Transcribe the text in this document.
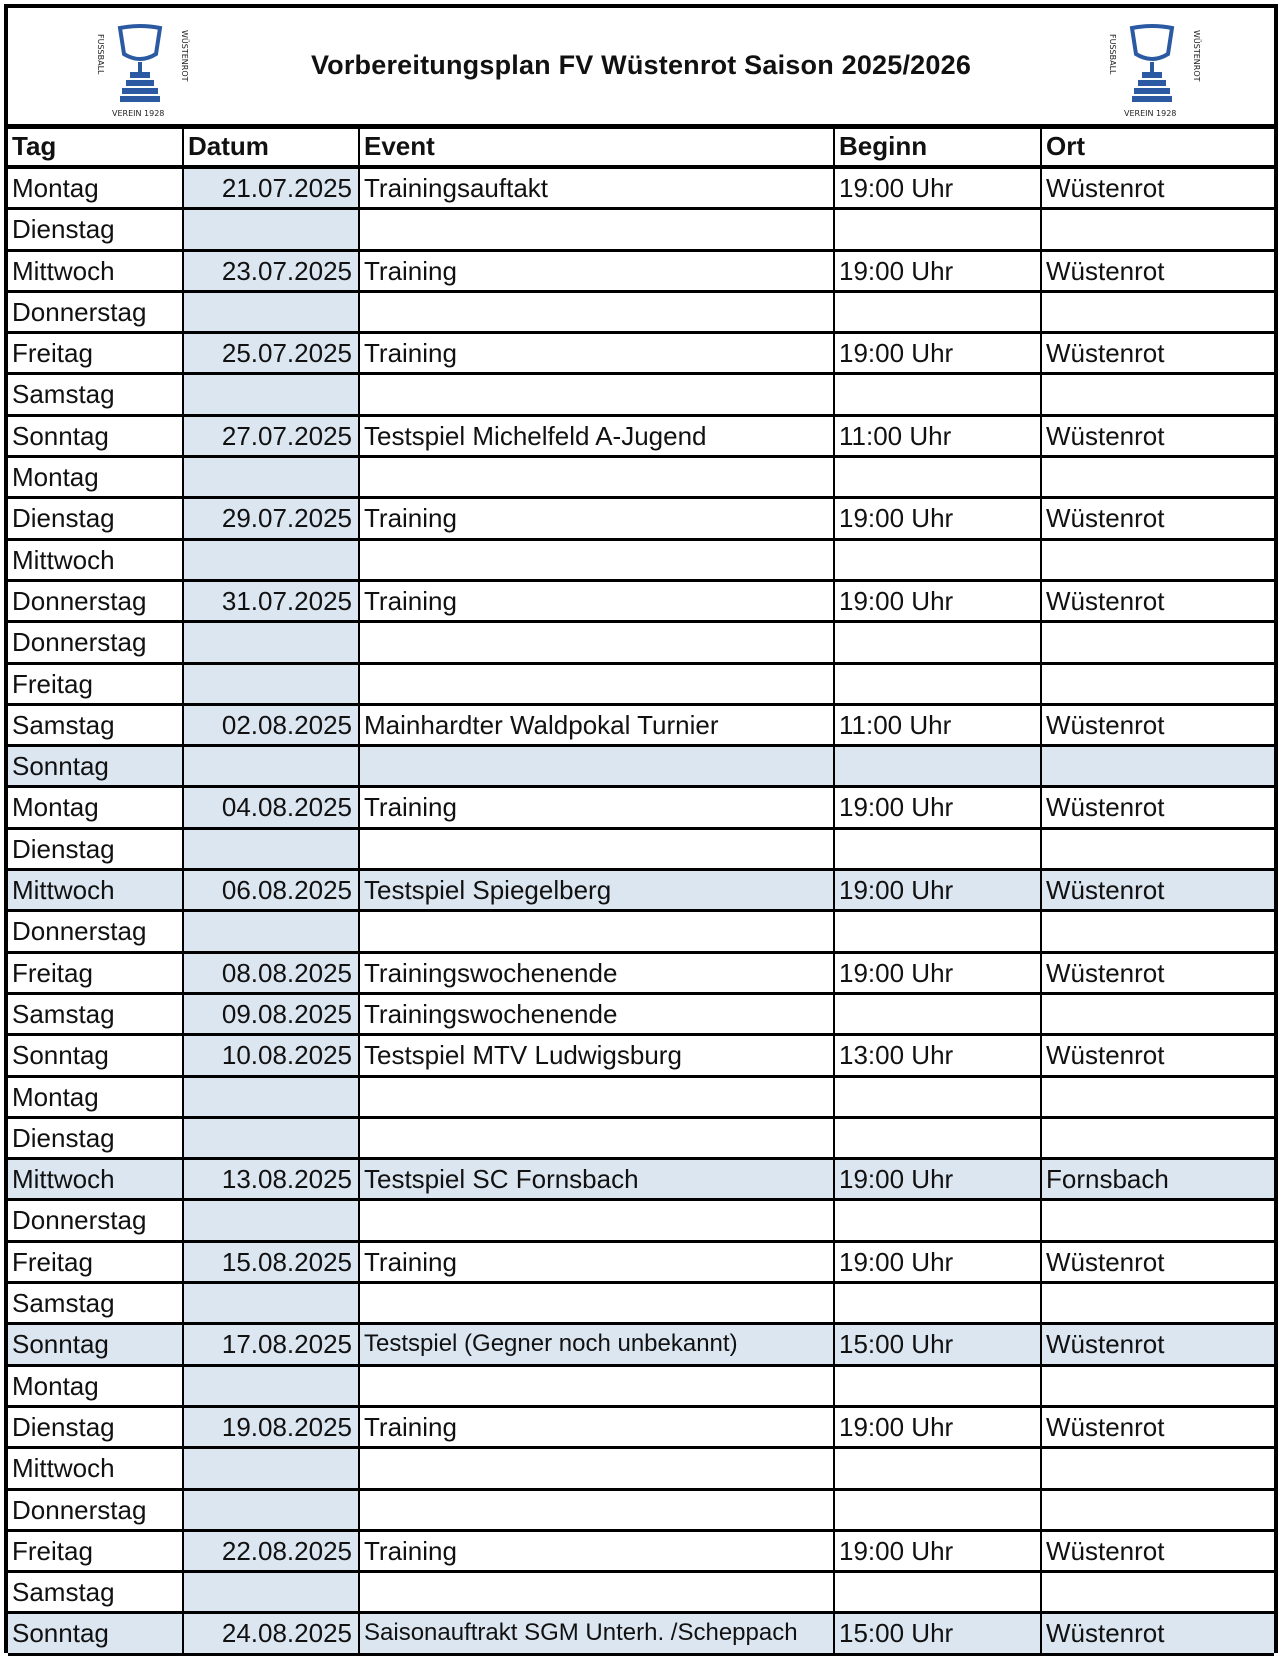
FUSSBALL	WÜSTENROT
VEREIN 1928
Vorbereitungsplan FV Wüstenrot Saison 2025/2026	FUSSBALL	WÜSTENROT
VEREIN 1928
Tag	Datum	Event	Beginn	Ort
Montag	21.07.2025 Trainingsauftakt	19:00 Uhr	Wüstenrot
Dienstag
Mittwoch	23.07.2025 Training	19:00 Uhr	Wüstenrot
Donnerstag
Freitag	25.07.2025 Training	19:00 Uhr	Wüstenrot
Samstag
Sonntag	27.07.2025 Testspiel Michelfeld A-Jugend	11:00 Uhr	Wüstenrot
Montag
Dienstag	29.07.2025 Training	19:00 Uhr	Wüstenrot
Mittwoch
Donnerstag	31.07.2025 Training	19:00 Uhr	Wüstenrot
Donnerstag
Freitag
Samstag	02.08.2025 Mainhardter Waldpokal Turnier	11:00 Uhr	Wüstenrot
Sonntag
Montag	04.08.2025 Training	19:00 Uhr	Wüstenrot
Dienstag
Mittwoch	06.08.2025 Testspiel Spiegelberg	19:00 Uhr	Wüstenrot
Donnerstag
Freitag	08.08.2025 Trainingswochenende	19:00 Uhr	Wüstenrot
Samstag	09.08.2025 Trainingswochenende
Sonntag	10.08.2025 Testspiel MTV Ludwigsburg	13:00 Uhr	Wüstenrot
Montag
Dienstag
Mittwoch	13.08.2025 Testspiel SC Fornsbach	19:00 Uhr	Fornsbach
Donnerstag
Freitag	15.08.2025 Training	19:00 Uhr	Wüstenrot
Samstag
Sonntag	17.08.2025 Testspiel (Gegner noch unbekannt)	15:00 Uhr	Wüstenrot
Montag
Dienstag	19.08.2025 Training	19:00 Uhr	Wüstenrot
Mittwoch
Donnerstag
Freitag	22.08.2025 Training	19:00 Uhr	Wüstenrot
Samstag
Sonntag	24.08.2025 Saisonauftrakt SGM Unterh. /Scheppach	15:00 Uhr	Wüstenrot
